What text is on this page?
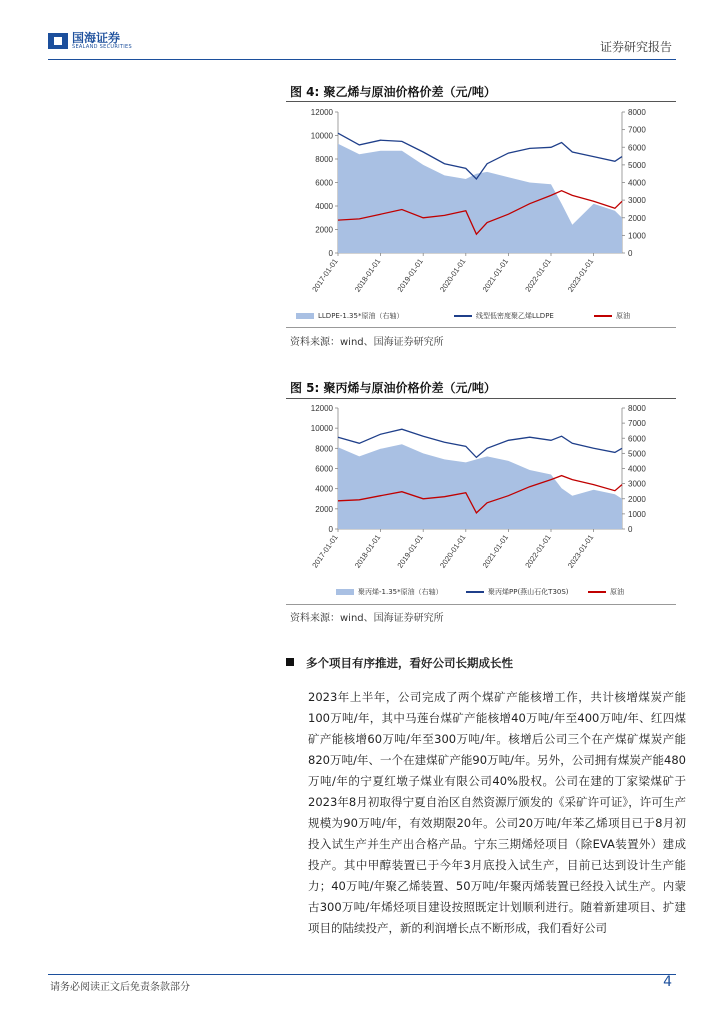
国海证券
SEALAND SECURITIES	证券研究报告
图 4: 聚乙烯与原油价格价差（元/吨）
0
2000
4000
6000
8000
10000
12000
0
1000
2000
3000
4000
5000
6000
7000
8000
2017-01-01 2018-01-01 2019-01-01 2020-01-01 2021-01-01 2022-01-01 2023-01-01
LLDPE-1.35*原油（右轴）	线型低密度聚乙烯LLDPE	原油
资料来源：wind、国海证券研究所
图 5: 聚丙烯与原油价格价差（元/吨）
0
2000
4000
6000
8000
10000
12000
0
1000
2000
3000
4000
5000
6000
7000
8000
2017-01-01 2018-01-01 2019-01-01 2020-01-01 2021-01-01 2022-01-01 2023-01-01
聚丙烯-1.35*原油（右轴）	聚丙烯PP(燕山石化T30S)	原油
资料来源：wind、国海证券研究所
多个项目有序推进，看好公司长期成长性
2023年上半年，公司完成了两个煤矿产能核增工作，共计核增煤炭产能100万吨/年，其中马莲台煤矿产能核增40万吨/年至400万吨/年、红四煤矿产能核增60万吨/年至300万吨/年。核增后公司三个在产煤矿煤炭产能820万吨/年、一个在建煤矿产能90万吨/年。另外，公司拥有煤炭产能480万吨/年的宁夏红墩子煤业有限公司40%股权。公司在建的丁家梁煤矿于2023年8月初取得宁夏自治区自然资源厅颁发的《采矿许可证》，许可生产规模为90万吨/年，有效期限20年。公司20万吨/年苯乙烯项目已于8月初投入试生产并生产出合格产品。宁东三期烯烃项目（除EVA装置外）建成投产。其中甲醇装置已于今年3月底投入试生产，目前已达到设计生产能力；40万吨/年聚乙烯装置、50万吨/年聚丙烯装置已经投入试生产。内蒙古300万吨/年烯烃项目建设按照既定计划顺利进行。随着新建项目、扩建项目的陆续投产，新的利润增长点不断形成，我们看好公司
请务必阅读正文后免责条款部分	4
